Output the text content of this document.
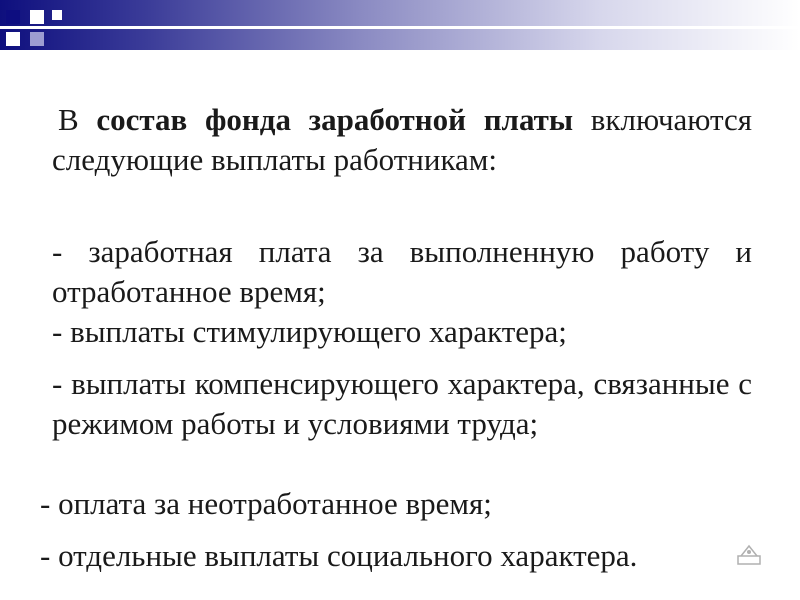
В состав фонда заработной платы включаются следующие выплаты работникам:

- заработная плата за выполненную работу и отработанное время;

- выплаты стимулирующего характера;

- выплаты компенсирующего характера, связанные с режимом работы и условиями труда;

- оплата за неотработанное время;

- отдельные выплаты социального характера.
